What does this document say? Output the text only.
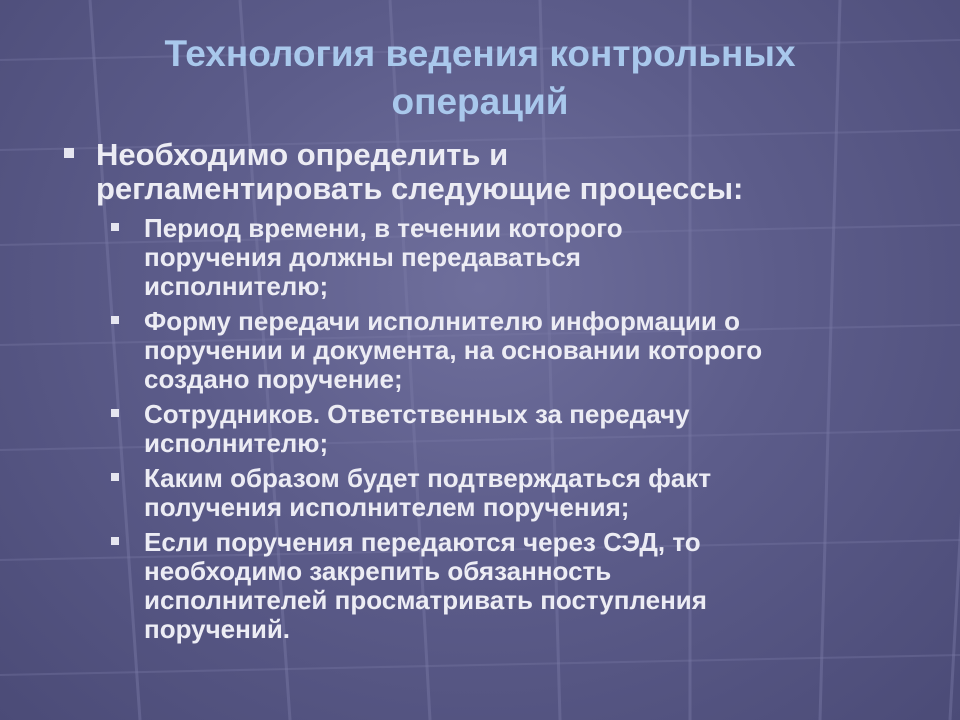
Технология ведения контрольных
операций
Необходимо определить и
регламентировать следующие процессы:
Период времени, в течении которого
поручения должны передаваться
исполнителю;
Форму передачи исполнителю информации о
поручении и документа, на основании которого
создано поручение;
Сотрудников. Ответственных за передачу
исполнителю;
Каким образом будет подтверждаться факт
получения исполнителем поручения;
Если поручения передаются через СЭД, то
необходимо закрепить обязанность
исполнителей просматривать поступления
поручений.
